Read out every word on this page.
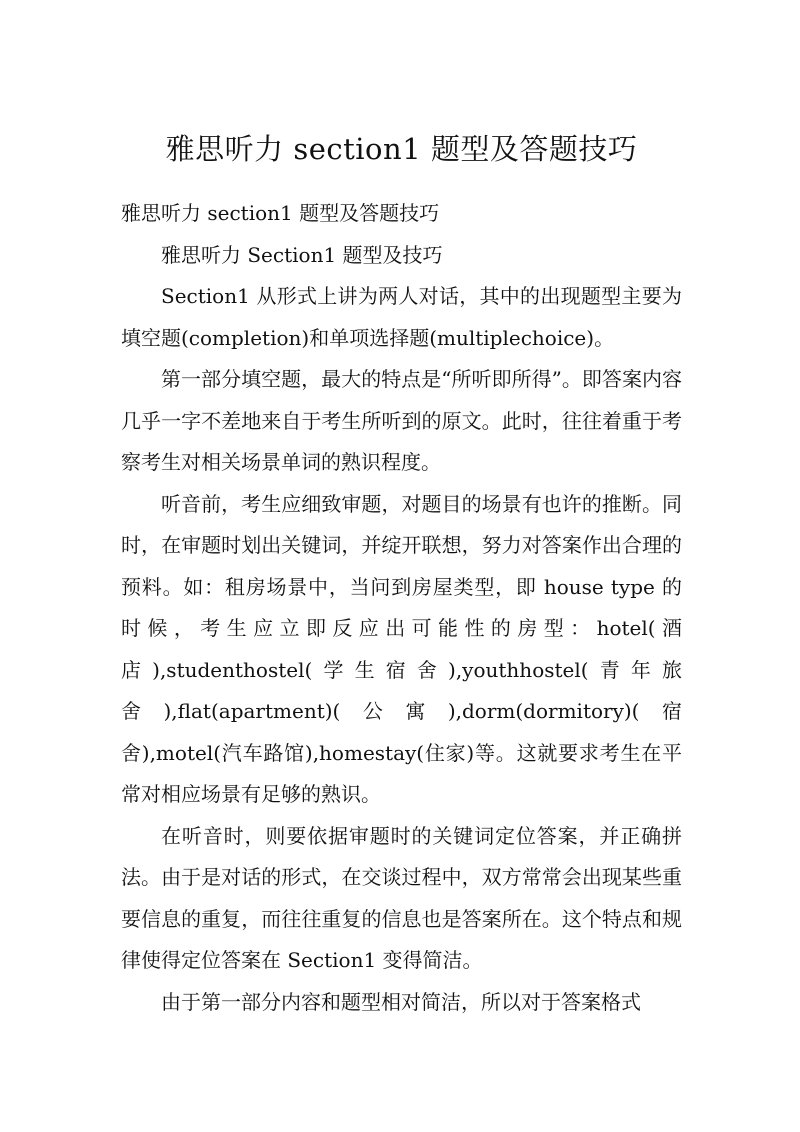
雅思听力 section1 题型及答题技巧

雅思听力 section1 题型及答题技巧

雅思听力 Section1 题型及技巧

Section1 从形式上讲为两人对话，其中的出现题型主要为填空题(completion)和单项选择题(multiplechoice)。

第一部分填空题，最大的特点是“所听即所得”。即答案内容几乎一字不差地来自于考生所听到的原文。此时，往往着重于考察考生对相关场景单词的熟识程度。

听音前，考生应细致审题，对题目的场景有也许的推断。同时，在审题时划出关键词，并绽开联想，努力对答案作出合理的预料。如：租房场景中，当问到房屋类型，即 house type 的时候，考生应立即反应出可能性的房型：hotel(酒店),studenthostel(学生宿舍),youthhostel(青年旅舍),flat(apartment)(公寓),dorm(dormitory)(宿舍),motel(汽车路馆),homestay(住家)等。这就要求考生在平常对相应场景有足够的熟识。

在听音时，则要依据审题时的关键词定位答案，并正确拼法。由于是对话的形式，在交谈过程中，双方常常会出现某些重要信息的重复，而往往重复的信息也是答案所在。这个特点和规律使得定位答案在 Section1 变得简洁。

由于第一部分内容和题型相对简洁，所以对于答案格式
